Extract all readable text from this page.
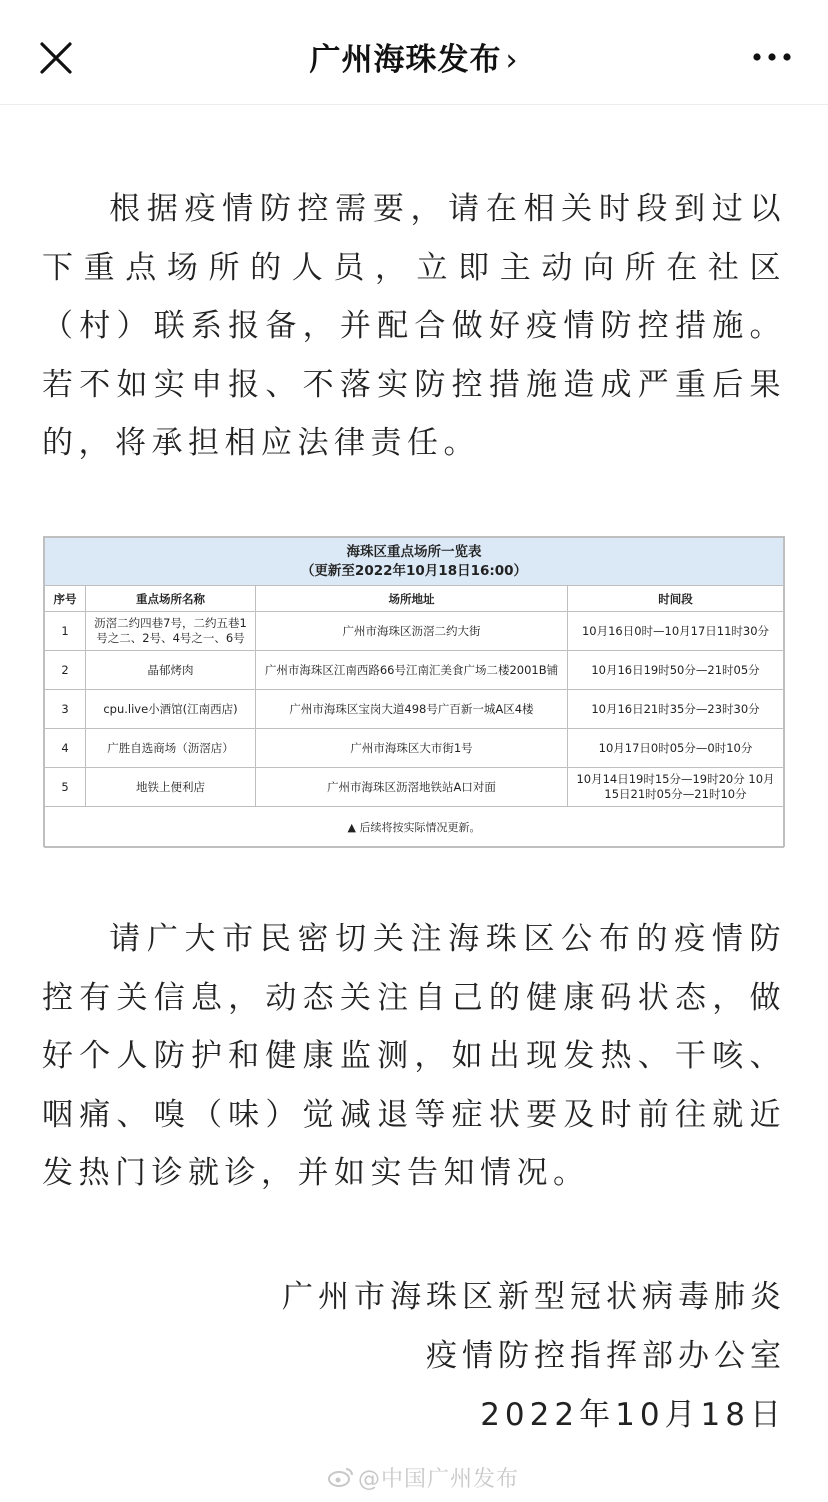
广州海珠发布 ›
根据疫情防控需要，请在相关时段到过以下重点场所的人员，立即主动向所在社区（村）联系报备，并配合做好疫情防控措施。若不如实申报、不落实防控措施造成严重后果的，将承担相应法律责任。
海珠区重点场所一览表
（更新至2022年10月18日16:00）			

序号	重点场所名称	场所地址	时间段
1	沥滘二约四巷7号，二约五巷1号之二、2号、4号之一、6号	广州市海珠区沥滘二约大街	10月16日0时—10月17日11时30分
2	晶郁烤肉	广州市海珠区江南西路66号江南汇美食广场二楼2001B铺	10月16日19时50分—21时05分
3	cpu.live小酒馆(江南西店)	广州市海珠区宝岗大道498号广百新一城A区4楼	10月16日21时35分—23时30分
4	广胜自选商场（沥滘店）	广州市海珠区大市街1号	10月17日0时05分—0时10分
5	地铁上便利店	广州市海珠区沥滘地铁站A口对面	10月14日19时15分—19时20分 10月15日21时05分—21时10分
▲ 后续将按实际情况更新。			
请广大市民密切关注海珠区公布的疫情防控有关信息，动态关注自己的健康码状态，做好个人防护和健康监测，如出现发热、干咳、咽痛、嗅（味）觉减退等症状要及时前往就近发热门诊就诊，并如实告知情况。
广州市海珠区新型冠状病毒肺炎
疫情防控指挥部办公室
2022年10月18日
@中国广州发布
